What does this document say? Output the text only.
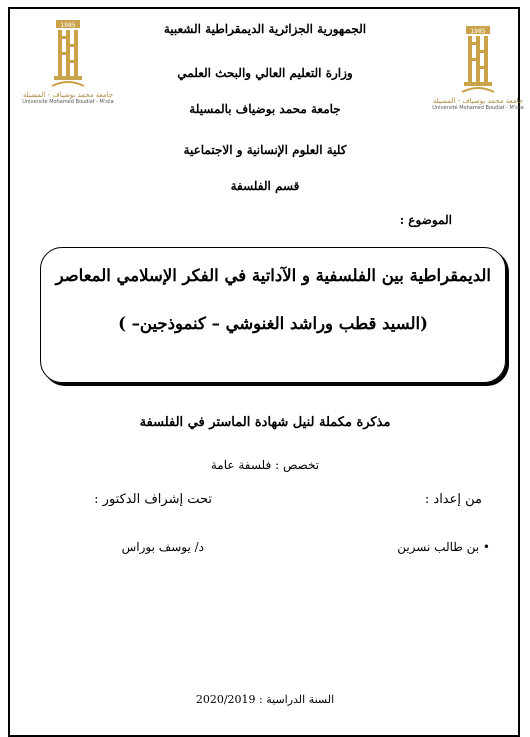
1985
جامعة محمد بوضياف - المسيلة
Université Mohamed Boudiaf - M'sila
1985
جامعة محمد بوضياف - المسيلة
Université Mohamed Boudiaf - M'sila
الجمهورية الجزائرية الديمقراطية الشعبية
وزارة التعليم العالي والبحث العلمي
جامعة محمد بوضياف بالمسيلة
كلية العلوم الإنسانية و الاجتماعية
قسم الفلسفة
الموضوع :
الديمقراطية بين الفلسفية و الآداتية في الفكر الإسلامي المعاصر
(السيد قطب وراشد الغنوشي – كنموذجين– )
مذكرة مكملة لنيل شهادة الماستر في الفلسفة
تخصص : فلسفة عامة
من إعداد :
تحت إشراف الدكتور :
• بن طالب نسرين
د/ يوسف بوراس
السنة الدراسية : 2020/2019
